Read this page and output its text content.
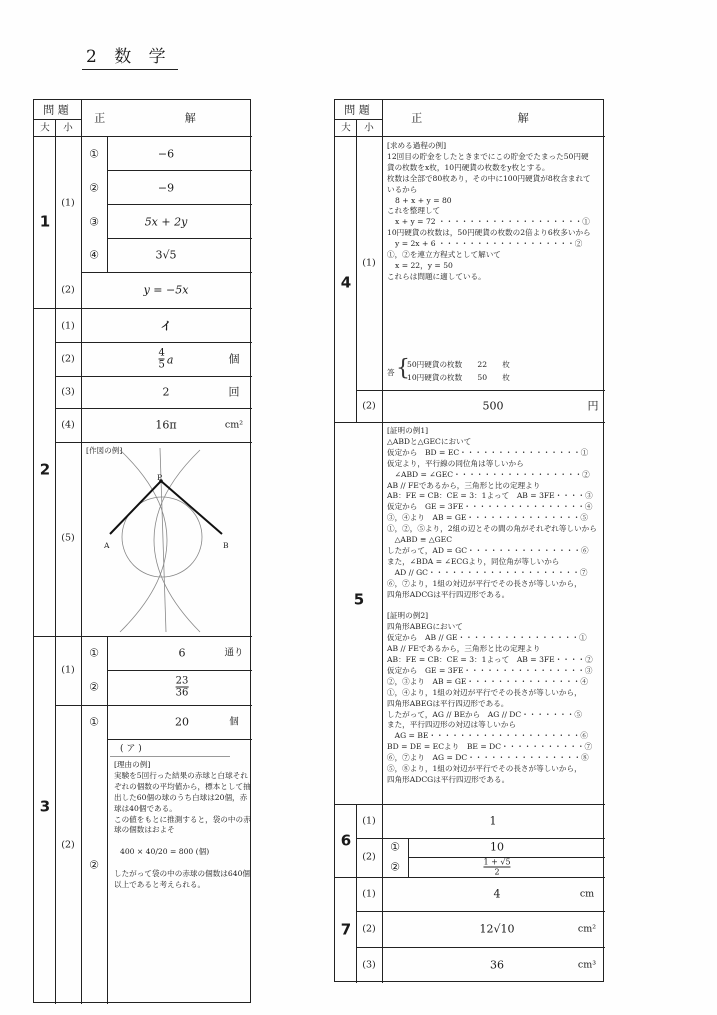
2 数 学
問 題
大 小
正 解
1
(1)
①	−6
②	−9
③	5x + 2y
④	3√5
(2)	y = −5x
2
(1)	イ
(2)	$\frac{4}{5}$ a	個
(3)	2	回
(4)	16π	cm²
(5)
[作図の例]
P
A	B
3
(1)
①	6	通り
②	$\frac{23}{36}$
(2)
①	20	個
②
( ア )
[理由の例]
実験を5回行った結果の赤球と白球それ
ぞれの個数の平均値から，標本として抽
出した60個の球のうち白球は20個，赤
球は40個である。
この値をもとに推測すると，袋の中の赤
球の個数はおよそ

400 × 40/20 = 800 (個)

したがって袋の中の赤球の個数は640個
以上であると考えられる。
問 題
大 小
正 解
4
(1)
[求める過程の例]
12回目の貯金をしたときまでにこの貯金でたまった50円硬
貨の枚数をx枚，10円硬貨の枚数をy枚とする。
枚数は全部で80枚あり，その中に100円硬貨が8枚含まれて
いるから
8 + x + y = 80
これを整理して
x + y = 72 ・・・・・・・・・・・・・・・・・・・①
10円硬貨の枚数は，50円硬貨の枚数の2倍より6枚多いから
y = 2x + 6 ・・・・・・・・・・・・・・・・・・②
①，②を連立方程式として解いて
x = 22，y = 50
これらは問題に適している。
答 {
50円硬貨の枚数　　22　　枚
10円硬貨の枚数　　50　　枚
(2)	500	円
5
[証明の例1]
△ABDと△GECにおいて
仮定から　BD = EC・・・・・・・・・・・・・・・・①
仮定より，平行線の同位角は等しいから
　∠ABD = ∠GEC・・・・・・・・・・・・・・・・・②
AB // FEであるから，三角形と比の定理より
AB：FE = CB：CE = 3：1よって　AB = 3FE・・・・③
仮定から　GE = 3FE・・・・・・・・・・・・・・・・④
③，④より　AB = GE・・・・・・・・・・・・・・・⑤
①，②，⑤より，2組の辺とその間の角がそれぞれ等しいから
　△ABD ≡ △GEC
したがって，AD = GC・・・・・・・・・・・・・・・⑥
また，∠BDA = ∠ECGより，同位角が等しいから
　AD // GC・・・・・・・・・・・・・・・・・・・・⑦
⑥，⑦より，1組の対辺が平行でその長さが等しいから，
四角形ADCGは平行四辺形である。

[証明の例2]
四角形ABEGにおいて
仮定から　AB // GE・・・・・・・・・・・・・・・・①
AB // FEであるから，三角形と比の定理より
AB：FE = CB：CE = 3：1よって　AB = 3FE・・・・②
仮定から　GE = 3FE・・・・・・・・・・・・・・・・③
②，③より　AB = GE・・・・・・・・・・・・・・・④
①，④より，1組の対辺が平行でその長さが等しいから，
四角形ABEGは平行四辺形である。
したがって，AG // BEから　AG // DC・・・・・・・⑤
また，平行四辺形の対辺は等しいから
　AG = BE・・・・・・・・・・・・・・・・・・・・⑥
BD = DE = ECより　BE = DC・・・・・・・・・・・⑦
⑥，⑦より　AG = DC・・・・・・・・・・・・・・・⑧
⑤，⑧より，1組の対辺が平行でその長さが等しいから，
四角形ADCGは平行四辺形である。
6
(1)	1
(2)
①	10
②	$\frac{1 + √5}{2}$
7
(1)	4	cm
(2)	12√10	cm²
(3)	36	cm³
